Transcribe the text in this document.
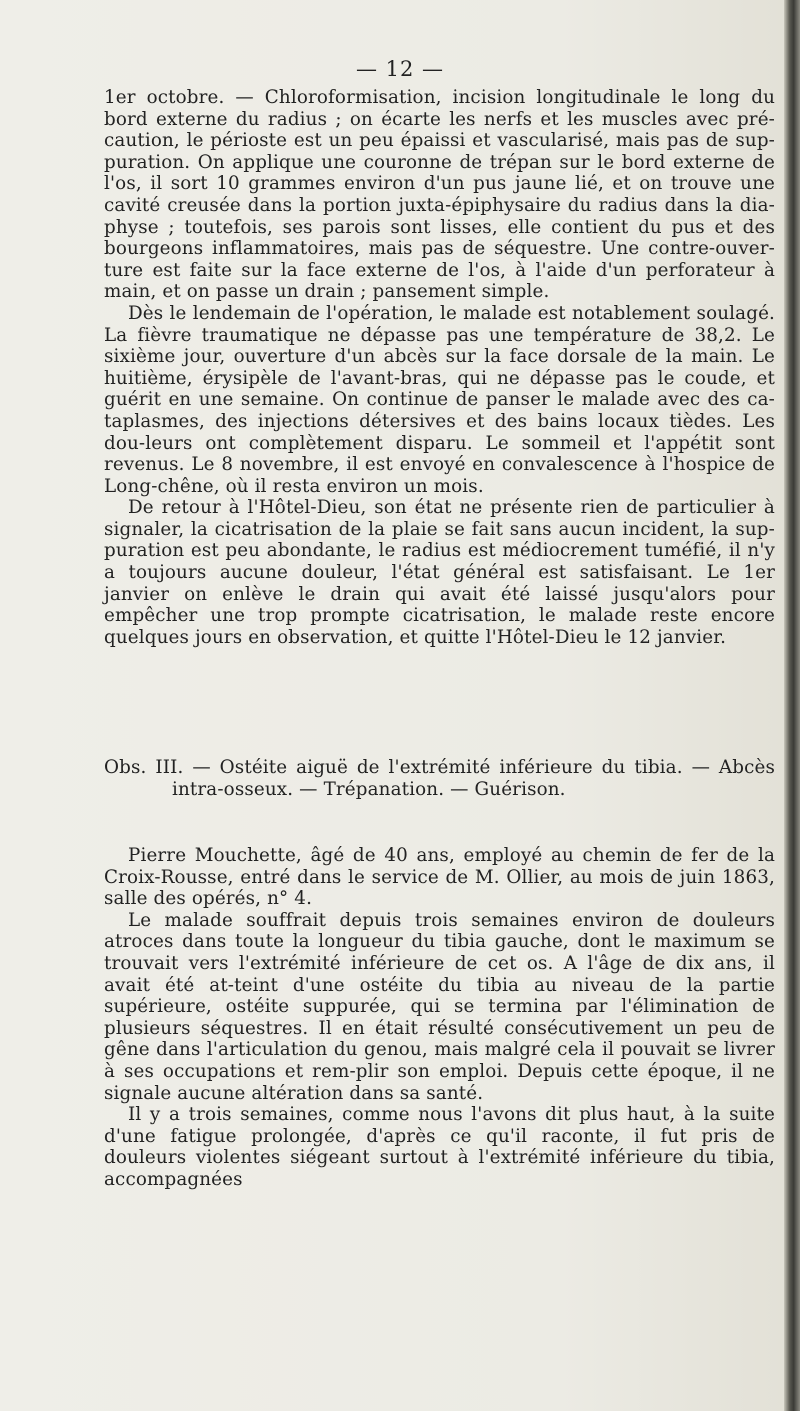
— 12 —

1er octobre. — Chloroformisation, incision longitudinale le long du bord externe du radius ; on écarte les nerfs et les muscles avec pré-caution, le périoste est un peu épaissi et vascularisé, mais pas de sup-puration. On applique une couronne de trépan sur le bord externe de l'os, il sort 10 grammes environ d'un pus jaune lié, et on trouve une cavité creusée dans la portion juxta-épiphysaire du radius dans la dia-physe ; toutefois, ses parois sont lisses, elle contient du pus et des bourgeons inflammatoires, mais pas de séquestre. Une contre-ouver-ture est faite sur la face externe de l'os, à l'aide d'un perforateur à main, et on passe un drain ; pansement simple.

Dès le lendemain de l'opération, le malade est notablement soulagé. La fièvre traumatique ne dépasse pas une température de 38,2. Le sixième jour, ouverture d'un abcès sur la face dorsale de la main. Le huitième, érysipèle de l'avant-bras, qui ne dépasse pas le coude, et guérit en une semaine. On continue de panser le malade avec des ca-taplasmes, des injections détersives et des bains locaux tièdes. Les dou-leurs ont complètement disparu. Le sommeil et l'appétit sont revenus. Le 8 novembre, il est envoyé en convalescence à l'hospice de Long-chêne, où il resta environ un mois.

De retour à l'Hôtel-Dieu, son état ne présente rien de particulier à signaler, la cicatrisation de la plaie se fait sans aucun incident, la sup-puration est peu abondante, le radius est médiocrement tuméfié, il n'y a toujours aucune douleur, l'état général est satisfaisant. Le 1er janvier on enlève le drain qui avait été laissé jusqu'alors pour empêcher une trop prompte cicatrisation, le malade reste encore quelques jours en observation, et quitte l'Hôtel-Dieu le 12 janvier.

Obs. III. — Ostéite aiguë de l'extrémité inférieure du tibia. — Abcès intra-osseux. — Trépanation. — Guérison.

Pierre Mouchette, âgé de 40 ans, employé au chemin de fer de la Croix-Rousse, entré dans le service de M. Ollier, au mois de juin 1863, salle des opérés, n° 4.

Le malade souffrait depuis trois semaines environ de douleurs atroces dans toute la longueur du tibia gauche, dont le maximum se trouvait vers l'extrémité inférieure de cet os. A l'âge de dix ans, il avait été at-teint d'une ostéite du tibia au niveau de la partie supérieure, ostéite suppurée, qui se termina par l'élimination de plusieurs séquestres. Il en était résulté consécutivement un peu de gêne dans l'articulation du genou, mais malgré cela il pouvait se livrer à ses occupations et rem-plir son emploi. Depuis cette époque, il ne signale aucune altération dans sa santé.

Il y a trois semaines, comme nous l'avons dit plus haut, à la suite d'une fatigue prolongée, d'après ce qu'il raconte, il fut pris de douleurs violentes siégeant surtout à l'extrémité inférieure du tibia, accompagnées
